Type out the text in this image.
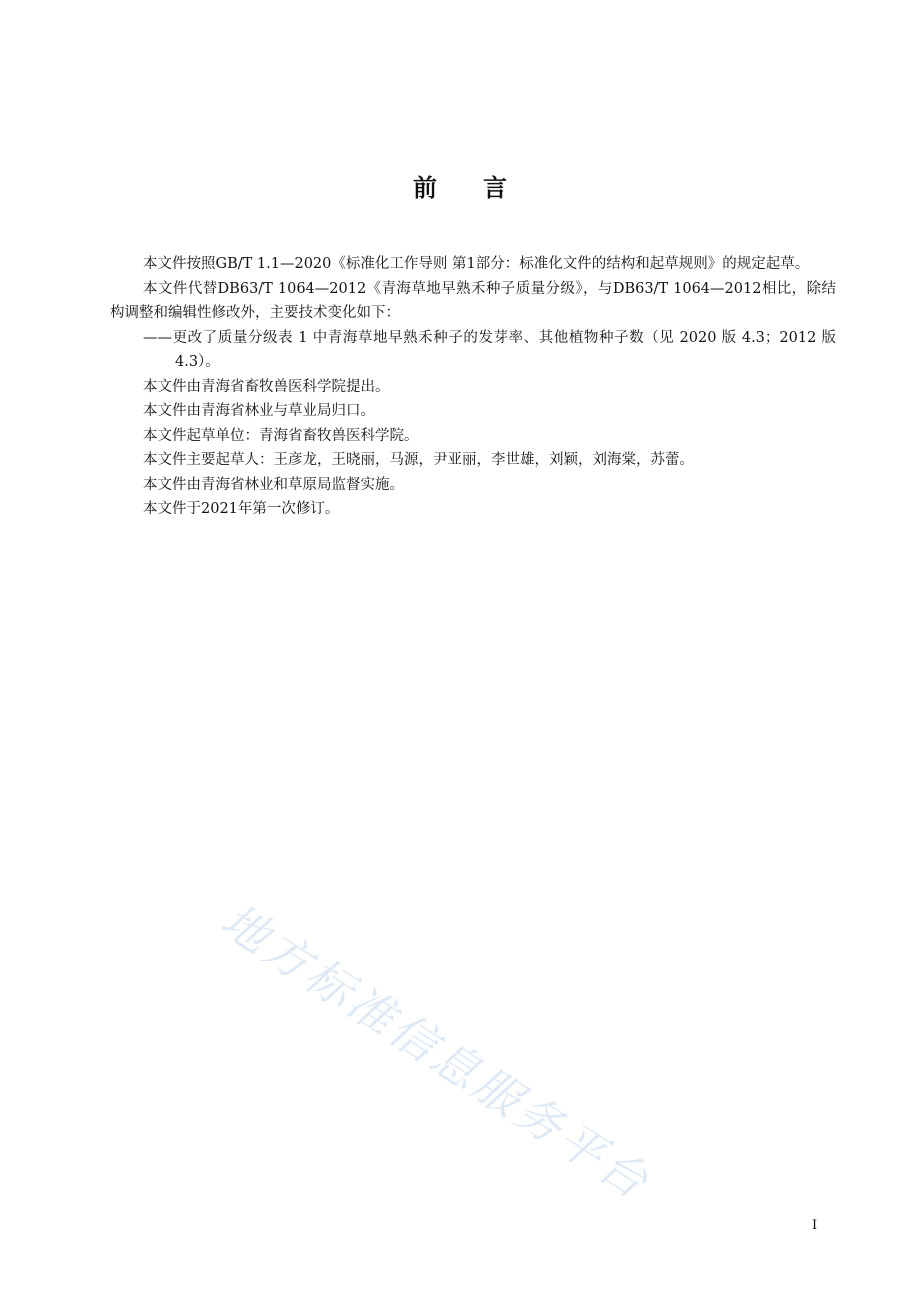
前言

本文件按照GB/T 1.1—2020《标准化工作导则 第1部分：标准化文件的结构和起草规则》的规定起草。

本文件代替DB63/T 1064—2012《青海草地早熟禾种子质量分级》，与DB63/T 1064—2012相比，除结构调整和编辑性修改外，主要技术变化如下：

——更改了质量分级表 1 中青海草地早熟禾种子的发芽率、其他植物种子数（见 2020 版 4.3；2012 版 4.3）。

本文件由青海省畜牧兽医科学院提出。

本文件由青海省林业与草业局归口。

本文件起草单位：青海省畜牧兽医科学院。

本文件主要起草人：王彦龙，王晓丽，马源，尹亚丽，李世雄，刘颖，刘海棠，苏蕾。

本文件由青海省林业和草原局监督实施。

本文件于2021年第一次修订。

地方标准信息服务平台
I
